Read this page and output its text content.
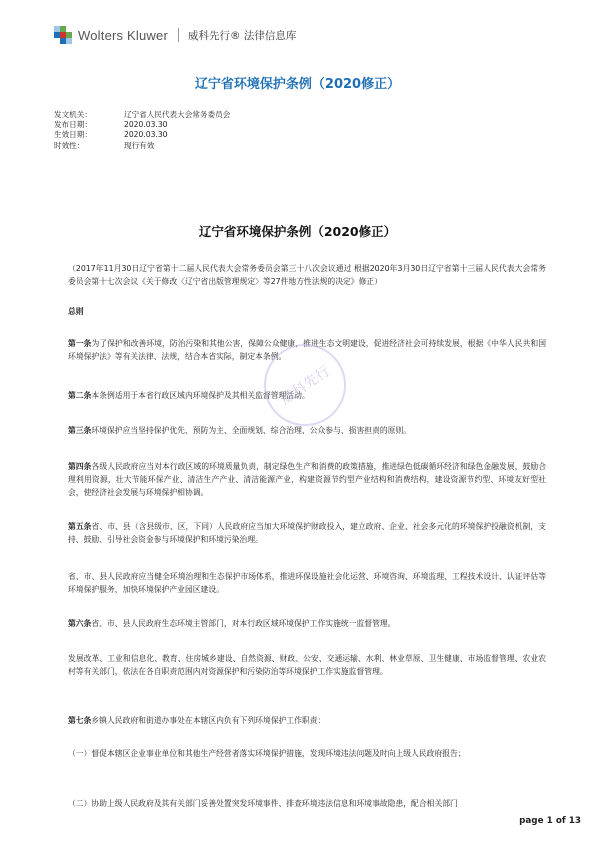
Wolters Kluwer 威科先行® 法律信息库
辽宁省环境保护条例（2020修正）
发文机关：	辽宁省人民代表大会常务委员会
发布日期：	2020.03.30
生效日期：	2020.03.30
时效性：	现行有效
辽宁省环境保护条例（2020修正）
（2017年11月30日辽宁省第十二届人民代表大会常务委员会第三十八次会议通过 根据2020年3月30日辽宁省第十三届人民代表大会常务委员会第十七次会议《关于修改〈辽宁省出版管理规定〉等27件地方性法规的决定》修正）
总则
第一条为了保护和改善环境，防治污染和其他公害，保障公众健康，推进生态文明建设，促进经济社会可持续发展，根据《中华人民共和国环境保护法》等有关法律、法规，结合本省实际，制定本条例。
第二条本条例适用于本省行政区域内环境保护及其相关监督管理活动。
第三条环境保护应当坚持保护优先、预防为主、全面规划、综合治理、公众参与、损害担责的原则。
第四条各级人民政府应当对本行政区域的环境质量负责，制定绿色生产和消费的政策措施，推进绿色低碳循环经济和绿色金融发展，鼓励合理利用资源，壮大节能环保产业、清洁生产产业、清洁能源产业，构建资源节约型产业结构和消费结构，建设资源节约型、环境友好型社会，使经济社会发展与环境保护相协调。
第五条省、市、县（含县级市、区，下同）人民政府应当加大环境保护财政投入，建立政府、企业、社会多元化的环境保护投融资机制，支持、鼓励、引导社会资金参与环境保护和环境污染治理。
省、市、县人民政府应当健全环境治理和生态保护市场体系，推进环保设施社会化运营、环境咨询、环境监理、工程技术设计、认证评估等环境保护服务，加快环境保护产业园区建设。
第六条省、市、县人民政府生态环境主管部门，对本行政区域环境保护工作实施统一监督管理。
发展改革、工业和信息化、教育、住房城乡建设、自然资源、财政、公安、交通运输、水利、林业草原、卫生健康、市场监督管理、农业农村等有关部门，依法在各自职责范围内对资源保护和污染防治等环境保护工作实施监督管理。
第七条乡镇人民政府和街道办事处在本辖区内负有下列环境保护工作职责：
（一）督促本辖区企业事业单位和其他生产经营者落实环境保护措施，发现环境违法问题及时向上级人民政府报告；
（二）协助上级人民政府及其有关部门妥善处置突发环境事件、排查环境违法信息和环境事故隐患，配合相关部门
威科先行
page 1 of 13
